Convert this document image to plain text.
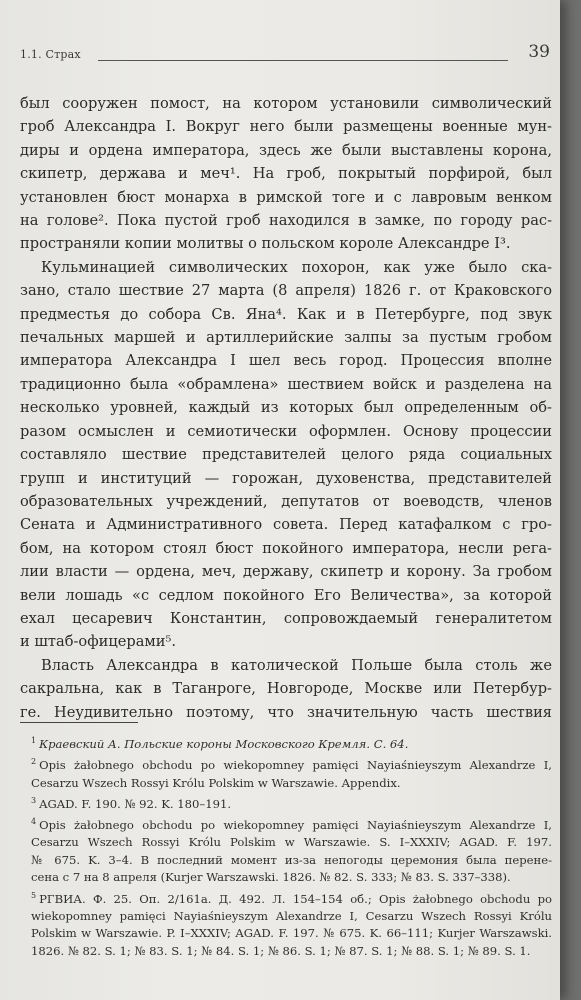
1.1. Страх	39
был сооружен помост, на котором установили символический
гроб Александра I. Вокруг него были размещены военные мун-
диры и ордена императора, здесь же были выставлены корона,
скипетр, держава и меч¹. На гроб, покрытый порфирой, был
установлен бюст монарха в римской тоге и с лавровым венком
на голове². Пока пустой гроб находился в замке, по городу рас-
пространяли копии молитвы о польском короле Александре I³.
Кульминацией символических похорон, как уже было ска-
зано, стало шествие 27 марта (8 апреля) 1826 г. от Краковского
предместья до собора Св. Яна⁴. Как и в Петербурге, под звук
печальных маршей и артиллерийские залпы за пустым гробом
императора Александра I шел весь город. Процессия вполне
традиционно была «обрамлена» шествием войск и разделена на
несколько уровней, каждый из которых был определенным об-
разом осмыслен и семиотически оформлен. Основу процессии
составляло шествие представителей целого ряда социальных
групп и институций — горожан, духовенства, представителей
образовательных учреждений, депутатов от воеводств, членов
Сената и Административного совета. Перед катафалком с гро-
бом, на котором стоял бюст покойного императора, несли рега-
лии власти — ордена, меч, державу, скипетр и корону. За гробом
вели лошадь «с седлом покойного Его Величества», за которой
ехал цесаревич Константин, сопровождаемый генералитетом
и штаб-офицерами⁵.
Власть Александра в католической Польше была столь же
сакральна, как в Таганроге, Новгороде, Москве или Петербур-
ге. Неудивительно поэтому, что значительную часть шествия
$^1$ Краевский А. Польские короны Московского Кремля. С. 64.
$^2$ Opis żałobnego obchodu po wiekopomney pamięci Nayiaśnieyszym Alexandrze I,
Cesarzu Wszech Rossyi Królu Polskim w Warszawie. Appendix.
$^3$ AGAD. F. 190. № 92. K. 180–191.
$^4$ Opis żałobnego obchodu po wiekopomney pamięci Nayiaśnieyszym Alexandrze I,
Cesarzu Wszech Rossyi Królu Polskim w Warszawie. S. I–XXXIV; AGAD. F. 197.
№ 675. K. 3–4. В последний момент из-за непогоды церемония была перене-
сена с 7 на 8 апреля (Kurjer Warszawski. 1826. № 82. S. 333; № 83. S. 337–338).
$^5$ РГВИА. Ф. 25. Оп. 2/161а. Д. 492. Л. 154–154 об.; Opis żałobnego obchodu po
wiekopomney pamięci Nayiaśnieyszym Alexandrze I, Cesarzu Wszech Rossyi Królu
Polskim w Warszawie. P. I–XXXIV; AGAD. F. 197. № 675. K. 66–111; Kurjer Warszawski.
1826. № 82. S. 1; № 83. S. 1; № 84. S. 1; № 86. S. 1; № 87. S. 1; № 88. S. 1; № 89. S. 1.
